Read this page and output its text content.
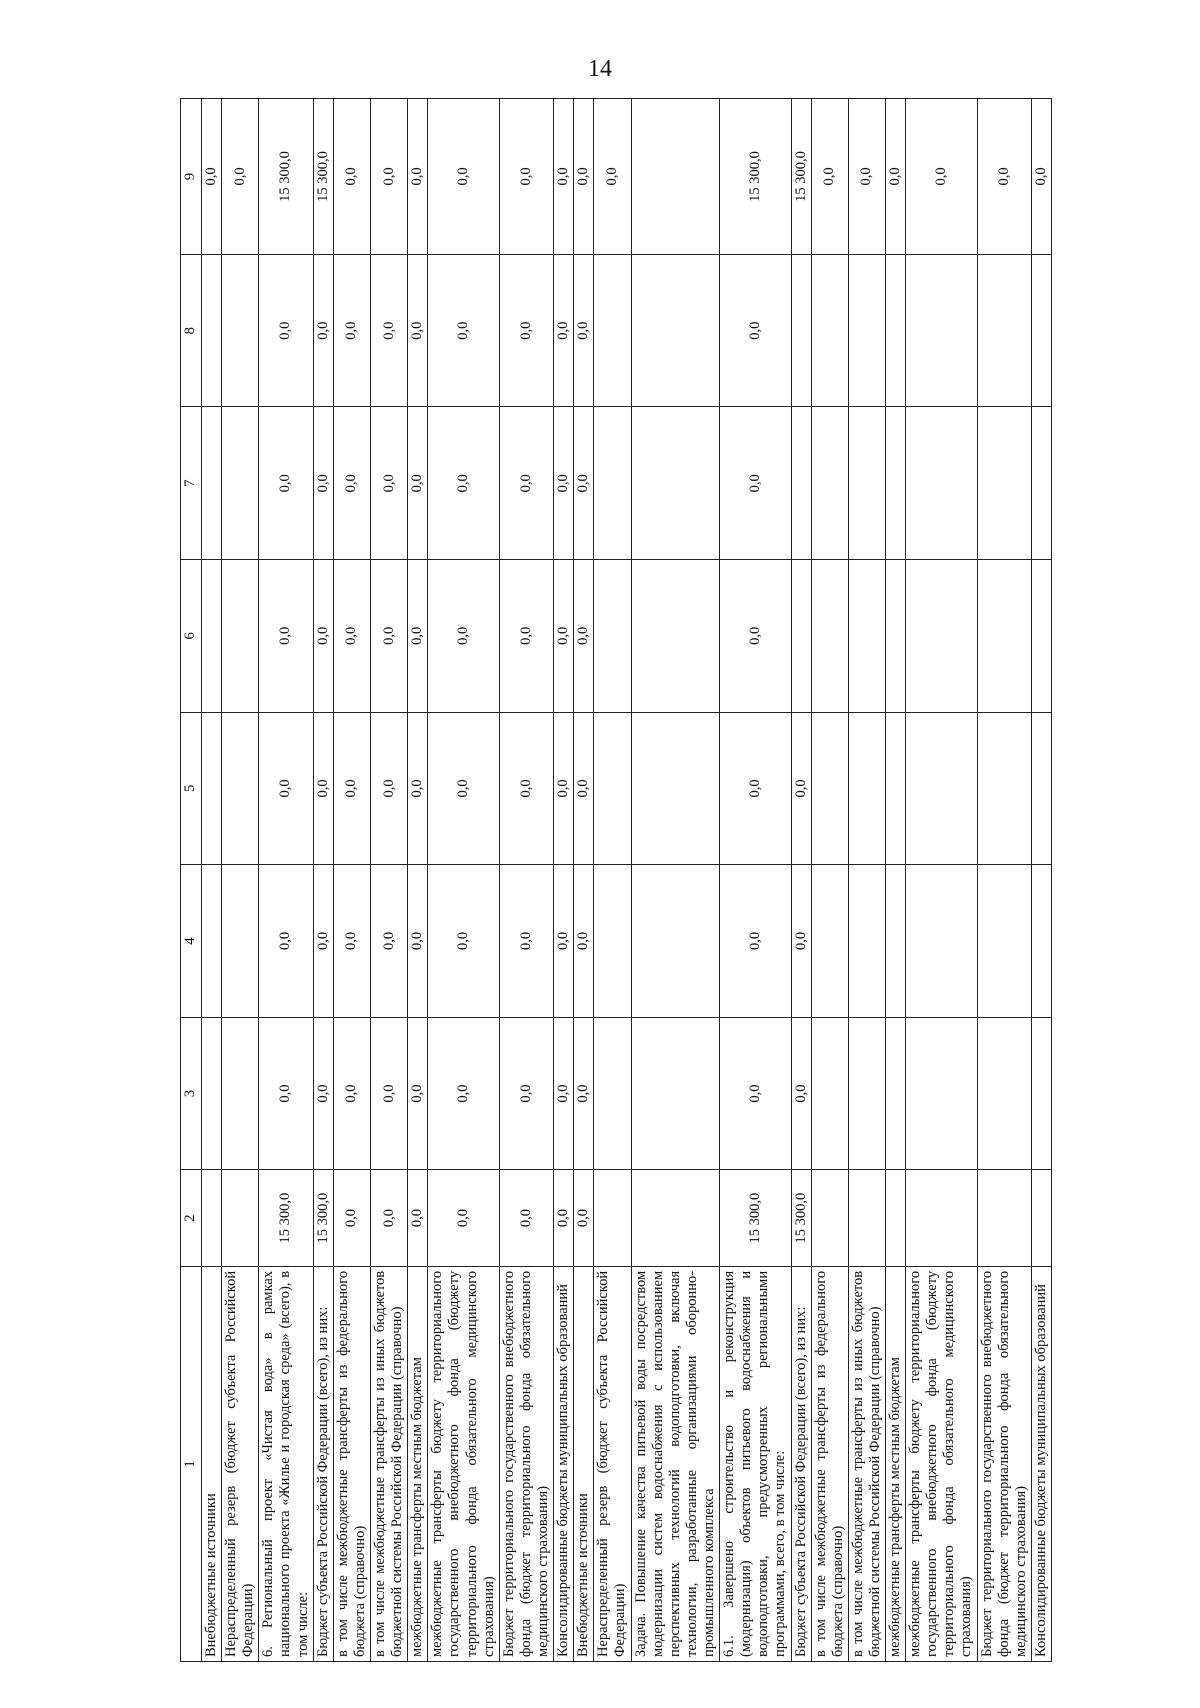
14
1	2	3	4	5	6	7	8	9
Внебюджетные источники								0,0
Нераспределенный резерв (бюджет субъекта Российской Федерации)								0,0
6. Региональный проект «Чистая вода» в рамках национального проекта «Жилье и городская среда» (всего), в том числе:	15 300,0	0,0	0,0	0,0	0,0	0,0	0,0	15 300,0
Бюджет субъекта Российской Федерации (всего), из них:	15 300,0	0,0	0,0	0,0	0,0	0,0	0,0	15 300,0
в том числе межбюджетные трансферты из федерального бюджета (справочно)	0,0	0,0	0,0	0,0	0,0	0,0	0,0	0,0
в том числе межбюджетные трансферты из иных бюджетов бюджетной системы Российской Федерации (справочно)	0,0	0,0	0,0	0,0	0,0	0,0	0,0	0,0
межбюджетные трансферты местным бюджетам	0,0	0,0	0,0	0,0	0,0	0,0	0,0	0,0
межбюджетные трансферты бюджету территориального государственного внебюджетного фонда (бюджету территориального фонда обязательного медицинского страхования)	0,0	0,0	0,0	0,0	0,0	0,0	0,0	0,0
Бюджет территориального государственного внебюджетного фонда (бюджет территориального фонда обязательного медицинского страхования)	0,0	0,0	0,0	0,0	0,0	0,0	0,0	0,0
Консолидированные бюджеты муниципальных образований	0,0	0,0	0,0	0,0	0,0	0,0	0,0	0,0
Внебюджетные источники	0,0	0,0	0,0	0,0	0,0	0,0	0,0	0,0
Нераспределенный резерв (бюджет субъекта Российской Федерации)								0,0
Задача. Повышение качества питьевой воды посредством модернизации систем водоснабжения с использованием перспективных технологий водоподготовки, включая технологии, разработанные организациями оборонно-промышленного комплекса								
6.1. Завершено строительство и реконструкция (модернизация) объектов питьевого водоснабжения и водоподготовки, предусмотренных региональными программами, всего, в том числе:	15 300,0	0,0	0,0	0,0	0,0	0,0	0,0	15 300,0
Бюджет субъекта Российской Федерации (всего), из них:	15 300,0	0,0	0,0	0,0				15 300,0
в том числе межбюджетные трансферты из федерального бюджета (справочно)								0,0
в том числе межбюджетные трансферты из иных бюджетов бюджетной системы Российской Федерации (справочно)								0,0
межбюджетные трансферты местным бюджетам								0,0
межбюджетные трансферты бюджету территориального государственного внебюджетного фонда (бюджету территориального фонда обязательного медицинского страхования)								0,0
Бюджет территориального государственного внебюджетного фонда (бюджет территориального фонда обязательного медицинского страхования)								0,0
Консолидированные бюджеты муниципальных образований								0,0
